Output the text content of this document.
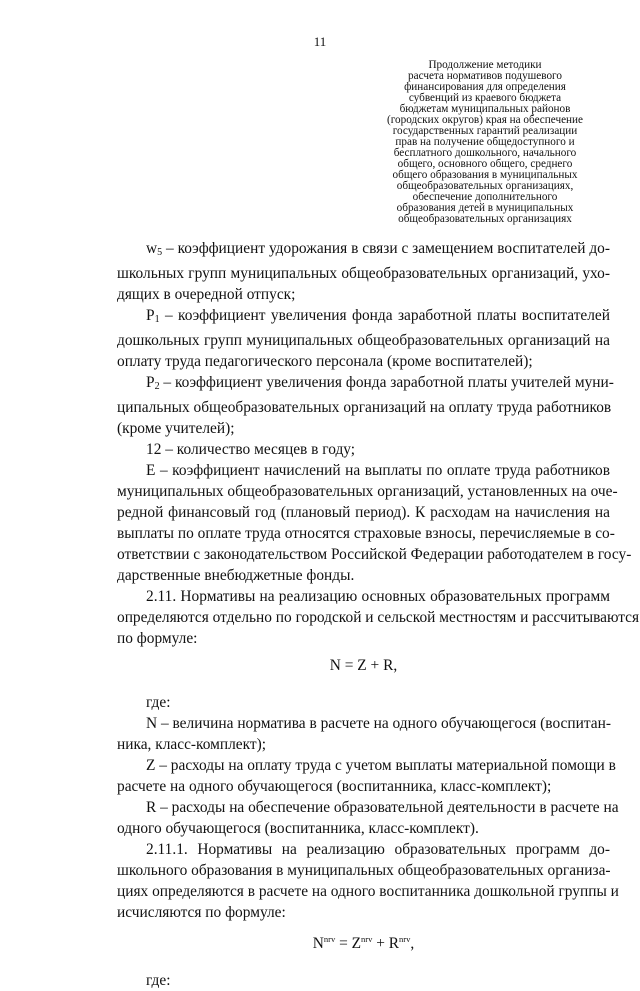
11
Продолжение методики
расчета нормативов подушевого
финансирования для определения
субвенций из краевого бюджета
бюджетам муниципальных районов
(городских округов) края на обеспечение
государственных гарантий реализации
прав на получение общедоступного и
бесплатного дошкольного, начального
общего, основного общего, среднего
общего образования в муниципальных
общеобразовательных организациях,
обеспечение дополнительного
образования детей в муниципальных
общеобразовательных организациях
$w_5$ – коэффициент удорожания в связи с замещением воспитателей до-
школьных групп муниципальных общеобразовательных организаций, ухо-
дящих в очередной отпуск;
$P_1$ – коэффициент увеличения фонда заработной платы воспитателей
дошкольных групп муниципальных общеобразовательных организаций на
оплату труда педагогического персонала (кроме воспитателей);
$P_2$ – коэффициент увеличения фонда заработной платы учителей муни-
ципальных общеобразовательных организаций на оплату труда работников
(кроме учителей);
12 – количество месяцев в году;
E – коэффициент начислений на выплаты по оплате труда работников
муниципальных общеобразовательных организаций, установленных на оче-
редной финансовый год (плановый период). К расходам на начисления на
выплаты по оплате труда относятся страховые взносы, перечисляемые в со-
ответствии с законодательством Российской Федерации работодателем в госу-
дарственные внебюджетные фонды.
2.11. Нормативы на реализацию основных образовательных программ
определяются отдельно по городской и сельской местностям и рассчитываются
по формуле:
N = Z + R,
где:
N – величина норматива в расчете на одного обучающегося (воспитан-
ника, класс-комплект);
Z – расходы на оплату труда с учетом выплаты материальной помощи в
расчете на одного обучающегося (воспитанника, класс-комплект);
R – расходы на обеспечение образовательной деятельности в расчете на
одного обучающегося (воспитанника, класс-комплект).
2.11.1. Нормативы на реализацию образовательных программ до-
школьного образования в муниципальных общеобразовательных организа-
циях определяются в расчете на одного воспитанника дошкольной группы и
исчисляются по формуле:
$N^{nrv} = Z^{nrv} + R^{nrv}$,
где:
